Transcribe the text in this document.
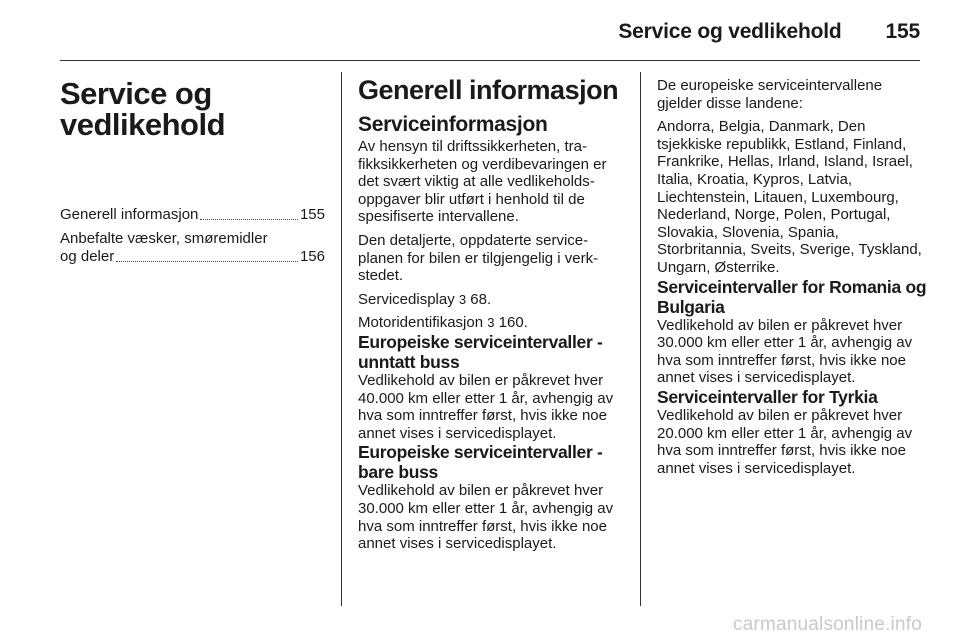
Service og vedlikehold 155
Service og vedlikehold
Generell informasjon	155
Anbefalte væsker, smøremidler
og deler	156
Generell informasjon
Serviceinformasjon

Av hensyn til driftssikkerheten, tra- fikksikkerheten og verdibevaringen er det svært viktig at alle vedlikeholds- oppgaver blir utført i henhold til de spesifiserte intervallene.

Den detaljerte, oppdaterte service- planen for bilen er tilgjengelig i verk- stedet.

Servicedisplay 3 68.

Motoridentifikasjon 3 160.

Europeiske serviceintervaller - unntatt buss

Vedlikehold av bilen er påkrevet hver 40.000 km eller etter 1 år, avhengig av hva som inntreffer først, hvis ikke noe annet vises i servicedisplayet.

Europeiske serviceintervaller - bare buss

Vedlikehold av bilen er påkrevet hver 30.000 km eller etter 1 år, avhengig av hva som inntreffer først, hvis ikke noe annet vises i servicedisplayet.

De europeiske serviceintervallene gjelder disse landene:

Andorra, Belgia, Danmark, Den tsjekkiske republikk, Estland, Finland, Frankrike, Hellas, Irland, Island, Israel, Italia, Kroatia, Kypros, Latvia, Liechtenstein, Litauen, Luxembourg, Nederland, Norge, Polen, Portugal, Slovakia, Slovenia, Spania, Storbritannia, Sveits, Sverige, Tyskland, Ungarn, Østerrike.

Serviceintervaller for Romania og Bulgaria

Vedlikehold av bilen er påkrevet hver 30.000 km eller etter 1 år, avhengig av hva som inntreffer først, hvis ikke noe annet vises i servicedisplayet.

Serviceintervaller for Tyrkia

Vedlikehold av bilen er påkrevet hver 20.000 km eller etter 1 år, avhengig av hva som inntreffer først, hvis ikke noe annet vises i servicedisplayet.

carmanualsonline.info
